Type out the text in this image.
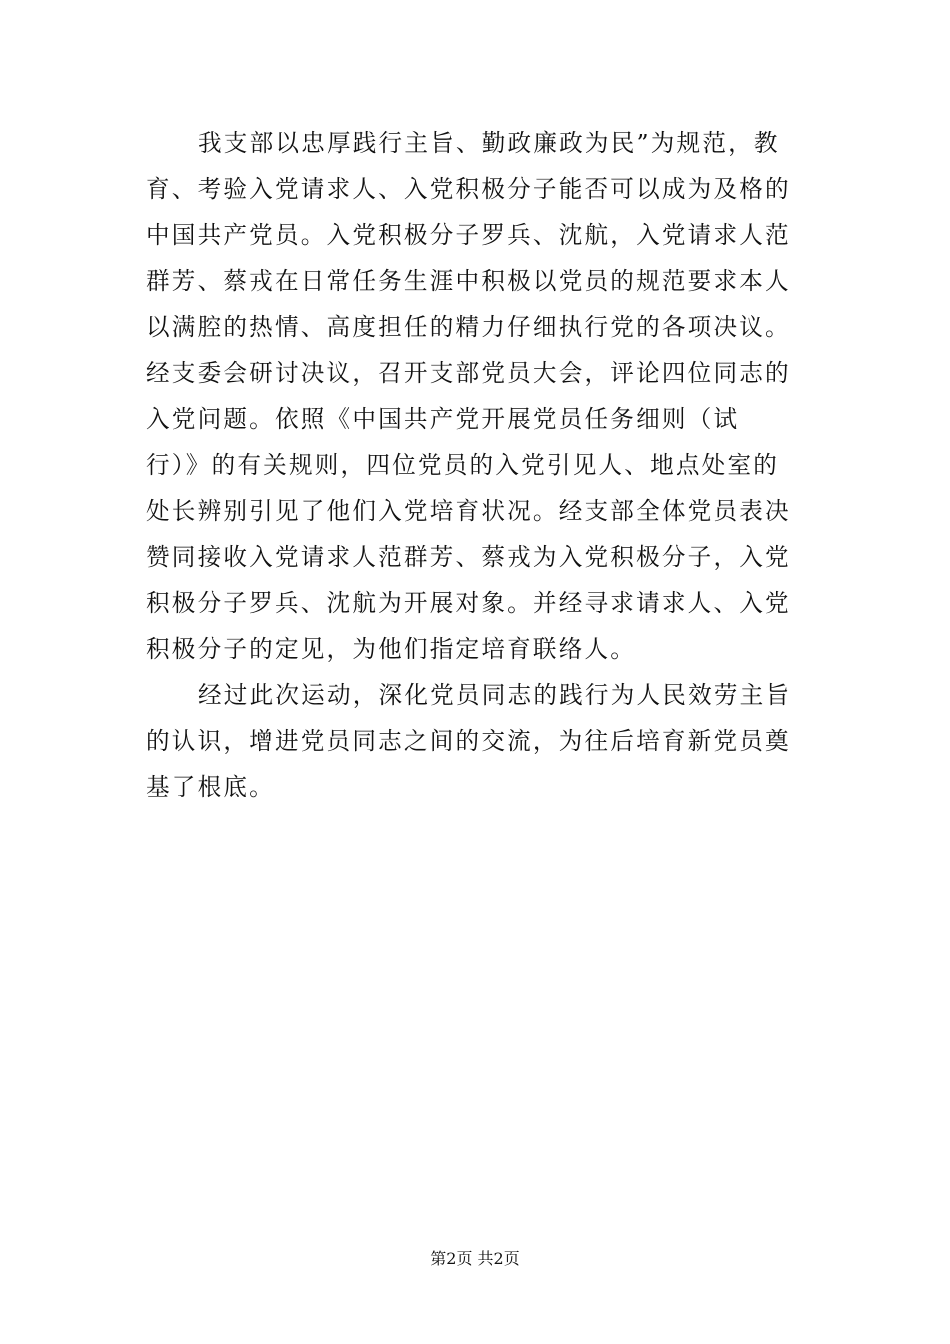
我支部以忠厚践行主旨、勤政廉政为民”为规范，教
育、考验入党请求人、入党积极分子能否可以成为及格的
中国共产党员。入党积极分子罗兵、沈航，入党请求人范
群芳、蔡戎在日常任务生涯中积极以党员的规范要求本人
以满腔的热情、高度担任的精力仔细执行党的各项决议。
经支委会研讨决议，召开支部党员大会，评论四位同志的
入党问题。依照《中国共产党开展党员任务细则（试
行）》的有关规则，四位党员的入党引见人、地点处室的
处长辨别引见了他们入党培育状况。经支部全体党员表决
赞同接收入党请求人范群芳、蔡戎为入党积极分子，入党
积极分子罗兵、沈航为开展对象。并经寻求请求人、入党
积极分子的定见，为他们指定培育联络人。
经过此次运动，深化党员同志的践行为人民效劳主旨
的认识，增进党员同志之间的交流，为往后培育新党员奠
基了根底。
第2页 共2页
